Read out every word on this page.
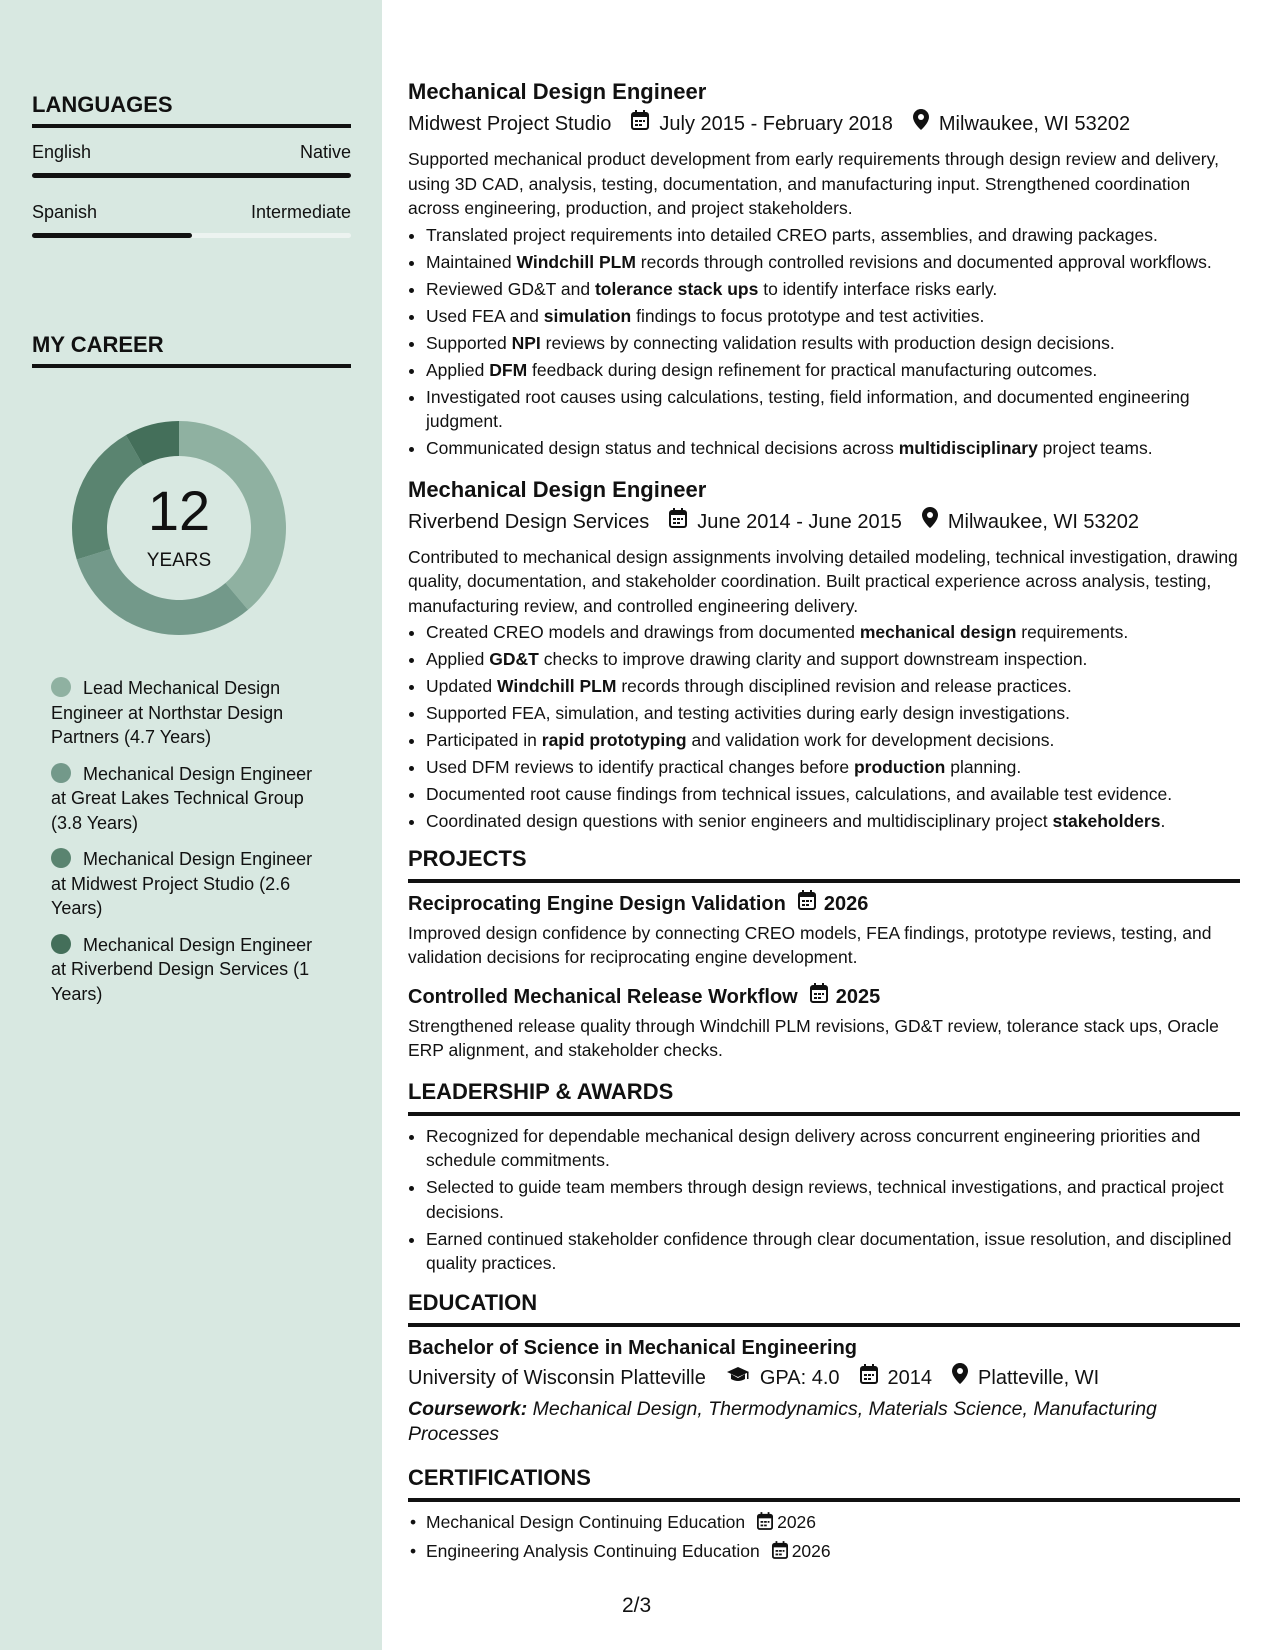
LANGUAGES
English	Native
Spanish	Intermediate
MY CAREER
12
YEARS
Lead Mechanical Design Engineer at Northstar Design Partners (4.7 Years)
Mechanical Design Engineer at Great Lakes Technical Group (3.8 Years)
Mechanical Design Engineer at Midwest Project Studio (2.6 Years)
Mechanical Design Engineer at Riverbend Design Services (1 Years)
Mechanical Design Engineer
Midwest Project Studio July 2015 - February 2018 Milwaukee, WI 53202
Supported mechanical product development from early requirements through design review and delivery, using 3D CAD, analysis, testing, documentation, and manufacturing input. Strengthened coordination across engineering, production, and project stakeholders.
• Translated project requirements into detailed CREO parts, assemblies, and drawing packages.
• Maintained Windchill PLM records through controlled revisions and documented approval workflows.
• Reviewed GD&T and tolerance stack ups to identify interface risks early.
• Used FEA and simulation findings to focus prototype and test activities.
• Supported NPI reviews by connecting validation results with production design decisions.
• Applied DFM feedback during design refinement for practical manufacturing outcomes.
• Investigated root causes using calculations, testing, field information, and documented engineering judgment.
• Communicated design status and technical decisions across multidisciplinary project teams.
Mechanical Design Engineer
Riverbend Design Services June 2014 - June 2015 Milwaukee, WI 53202
Contributed to mechanical design assignments involving detailed modeling, technical investigation, drawing quality, documentation, and stakeholder coordination. Built practical experience across analysis, testing, manufacturing review, and controlled engineering delivery.
• Created CREO models and drawings from documented mechanical design requirements.
• Applied GD&T checks to improve drawing clarity and support downstream inspection.
• Updated Windchill PLM records through disciplined revision and release practices.
• Supported FEA, simulation, and testing activities during early design investigations.
• Participated in rapid prototyping and validation work for development decisions.
• Used DFM reviews to identify practical changes before production planning.
• Documented root cause findings from technical issues, calculations, and available test evidence.
• Coordinated design questions with senior engineers and multidisciplinary project stakeholders.
PROJECTS
Reciprocating Engine Design Validation 2026
Improved design confidence by connecting CREO models, FEA findings, prototype reviews, testing, and validation decisions for reciprocating engine development.
Controlled Mechanical Release Workflow 2025
Strengthened release quality through Windchill PLM revisions, GD&T review, tolerance stack ups, Oracle ERP alignment, and stakeholder checks.
LEADERSHIP & AWARDS
• Recognized for dependable mechanical design delivery across concurrent engineering priorities and schedule commitments.
• Selected to guide team members through design reviews, technical investigations, and practical project decisions.
• Earned continued stakeholder confidence through clear documentation, issue resolution, and disciplined quality practices.
EDUCATION
Bachelor of Science in Mechanical Engineering
University of Wisconsin Platteville	GPA: 4.0 2014 Platteville, WI
Coursework: Mechanical Design, Thermodynamics, Materials Science, Manufacturing Processes
CERTIFICATIONS
• Mechanical Design Continuing Education 2026
• Engineering Analysis Continuing Education 2026
2/3
